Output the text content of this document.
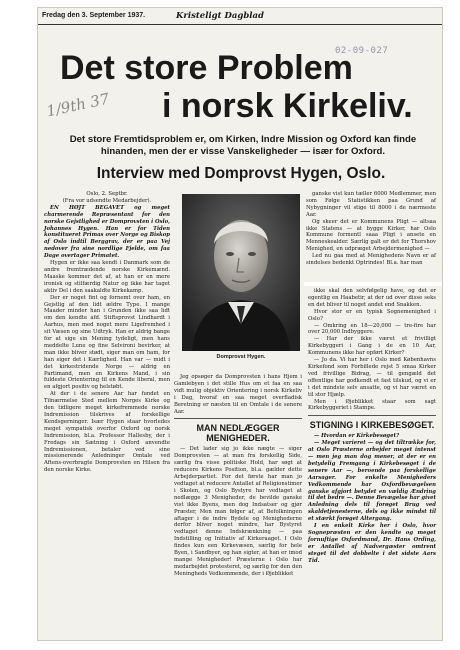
Fredag den 3. September 1937.	Kristeligt Dagblad
02-09-027
1/9th 37
Det store Problem
i norsk Kirkeliv.
Det store Fremtidsproblem er, om Kirken, Indre Mission og Oxford kan finde hinanden, men der er visse Vanskeligheder — især for Oxford.
Interview med Domprovst Hygen, Oslo.

Oslo, 2. Septbr.

(Fra vor udsendte Medarbejder).

EN HØJT BEGAVET og meget charmerende Repræsentant for den norske Gejstlighed er Domprovsten i Oslo, Johannes Hygen. Han er for Tiden konstitueret Primas over Norge og Biskop af Oslo indtil Berggrav, der er paa Vej nedover fra sine nordlige Fjelde, om faa Dage overtager Primatet.

Hygen er ikke saa kendt i Danmark som de andre fremtrædende norske Kirkemænd. Maaske kommer det af, at han er en mere ironisk og stilfærdig Natur og ikke har taget aktiv Del i den saakaldte Kirkekamp.

Der er noget fint og fornemt over ham, en Gejstlig af den lidt ældre Type. I mange Maader minder han i Grunden ikke saa lidt om den kendte afd. Stiftsprovst Lindhardt i Aarhus, men med noget mere Ligefremhed i sit Væsen og sine Udtryk. Han er aldrig bange for at sige sin Mening tydeligt, men hans meddelte Lune og fine Selvironi bevirker, at man ikke bliver stødt, siger man om ham, for han siger det i Kærlighed. Han var — midt i det kirkestridende Norge — aldrig en Partimand, men en Kirkens Mand, i sin fuldeste Orientering til en Kende liberal, men en afgjort positiv og helstøbt.

At der i de senere Aar har fundet en Tilnærmelse Sted mellem Norges Kirke og den tidligere meget kirkefremmede norske Indremission tilskrives af forskellige Kendsgerninger. Især Hygen staar hvorledes meget sympatisk overfor Oxford og norsk Indremission, bl.a. Professor Hallesby, der i Fredags sin Sætning i Oxford anvendte Indremissionen, betaler ved sine missionerende Anledninger Omtale ved Aftens-overbragte Domprovsten en Hilsen fra den norske Kirke.

Domprovst Hygen.

Jeg opsøger da Domprovsten i hans Hjem i Gamlebyen i det stille Hus om et faa en saa vidt mulig objektiv Orientering i norsk Kirkeliv i Dag, hvoraf en saa meget overfladisk Beretning er næsten til en Omtale i de senere Aar.

MAN NEDLÆGGER MENIGHEDER.

— Det lader sig jo ikke nægte — siger Domprovsten — at man fra forskellig Side, særlig fra visse politiske Hold, har søgt at reducere Kirkens Position, bl.a. gælder dette Arbejderpartiet. For det første har man jo vedtaget at reducere Antallet af Religionstimer i Skolen, og Oslo Bystyre har vedtaget at nedlægge 3 Menigheder, de bevilde ganske vist ikke Byens, men dog Indsatser og gjør Præster, Men man følger af, at Befolkningen aftager i de indre Bydele og Menighederne derfor bliver noget mindre, har Bystyret vedtaget denne Indskrænkning — paa Indstilling og Initiativ af Kirkeraaget. I Oslo findes kun een Kirkevæsen, særlig for hele Byen, i Sandbyer, og han sigter, at han er imod mange Menigheder! Præsterne i Oslo har medarbejdet protesteret, og særlig for den den Meningheds Vedkommende, der i Øjeblikket

ganske vist kun tæller 6000 Medlemmer, men som Følge Statistikken paa Grund af Nybygninger vil stige til 8000 i de nærmeste Aar.

Og skeer det er Kommunens Pligt — altsaa ikke Statens — at bygge Kirker, har Oslo Kommune formentl saaa Pligt i ansete en Menneskealder. Særlig galt er det for Thorshov Menighed, en udpræget Arbejdermenighed —

Led nu gaa med at Menighedens Navn er af sindelses bedenkt Optrindes! Bl.a. har man

ikke skal den selvfølgelig have, og det er egentlig en Haabetir, at der ud over disse seks en det bliver til noget andet end Snakken.

Hvor stor er en typisk Sognemenighed i Oslo?

— Omkring en 18—20,000 — tre-fire har over 20,000 Indbyggere.

— Har der ikke været et frivilligt Kirkebyggeri i Gang i de en 10 Aar, Kommunens ikke har opført Kirker?

— Jo da. Vi har her i Oslo med Københavns Kirkefond som Forbillede rejst 5 smaa Kirker ved frivillige Bidrag, — til gengæld det offentlige har godkendt et fast tilskud, og vi er i det mindste selv ansatte, og vi har været en til stor Hjælp.

Men i Øjeblikket staar som sagt Kirkebyggeriet i Stampe.

STIGNING I KIRKEBESØGET.

— Hvordan er Kirkebesøget?

— Meget varieret — og det tiltrække for, at Oslo Præsterne arbejder meget intenst — men jeg man dog mener, at der er en betydelig Fremgang i Kirkebesøget i de senere Aar —, beroende paa forskellige Aarsager. For enkelte Menigheders Vedkommende har Oxfordbevægelsen ganske afgjort betydet en vældig Ændring til det bedre —. Denne Bevægelse har givet Anledning dels til forøget Brug ved skaldetjenesterne, dels og ikke mindst til et stærkt forøget Altergang.

I en enkelt Kirke her i Oslo, hvor Sognepræsten er den kendte og meget fornuftige Oxfordmand, Dr. Hans Ording, er Antallet af Nadvergæster omtrent steget til det dobbelte i det sidste Aars Tid.
